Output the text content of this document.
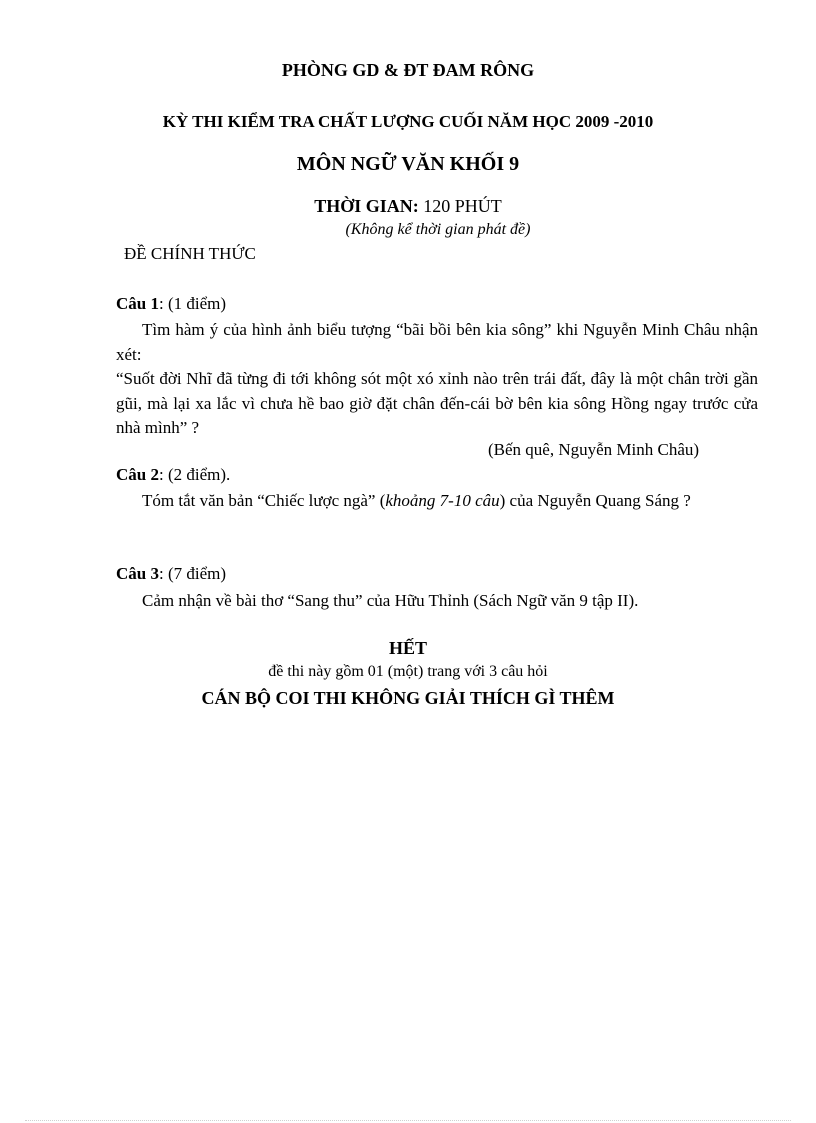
PHÒNG GD & ĐT ĐAM RÔNG
KỲ THI KIỂM TRA CHẤT LƯỢNG CUỐI NĂM HỌC 2009 -2010
MÔN NGỮ VĂN KHỐI 9
THỜI GIAN: 120 PHÚT
(Không kể thời gian phát đề)
ĐỀ CHÍNH THỨC
Câu 1: (1 điểm)
Tìm hàm ý của hình ảnh biểu tượng “bãi bồi bên kia sông” khi Nguyễn Minh Châu nhận xét:
“Suốt đời Nhĩ đã từng đi tới không sót một xó xỉnh nào trên trái đất, đây là một chân trời gần gũi, mà lại xa lắc vì chưa hề bao giờ đặt chân đến-cái bờ bên kia sông Hồng ngay trước cửa nhà mình” ?
(Bến quê, Nguyễn Minh Châu)
Câu 2: (2 điểm).
Tóm tắt văn bản “Chiếc lược ngà” (khoảng 7-10 câu) của Nguyễn Quang Sáng ?
Câu 3: (7 điểm)
Cảm nhận về bài thơ “Sang thu” của Hữu Thỉnh (Sách Ngữ văn 9 tập II).
HẾT
đề thi này gồm 01 (một) trang với 3 câu hỏi
CÁN BỘ COI THI KHÔNG GIẢI THÍCH GÌ THÊM
